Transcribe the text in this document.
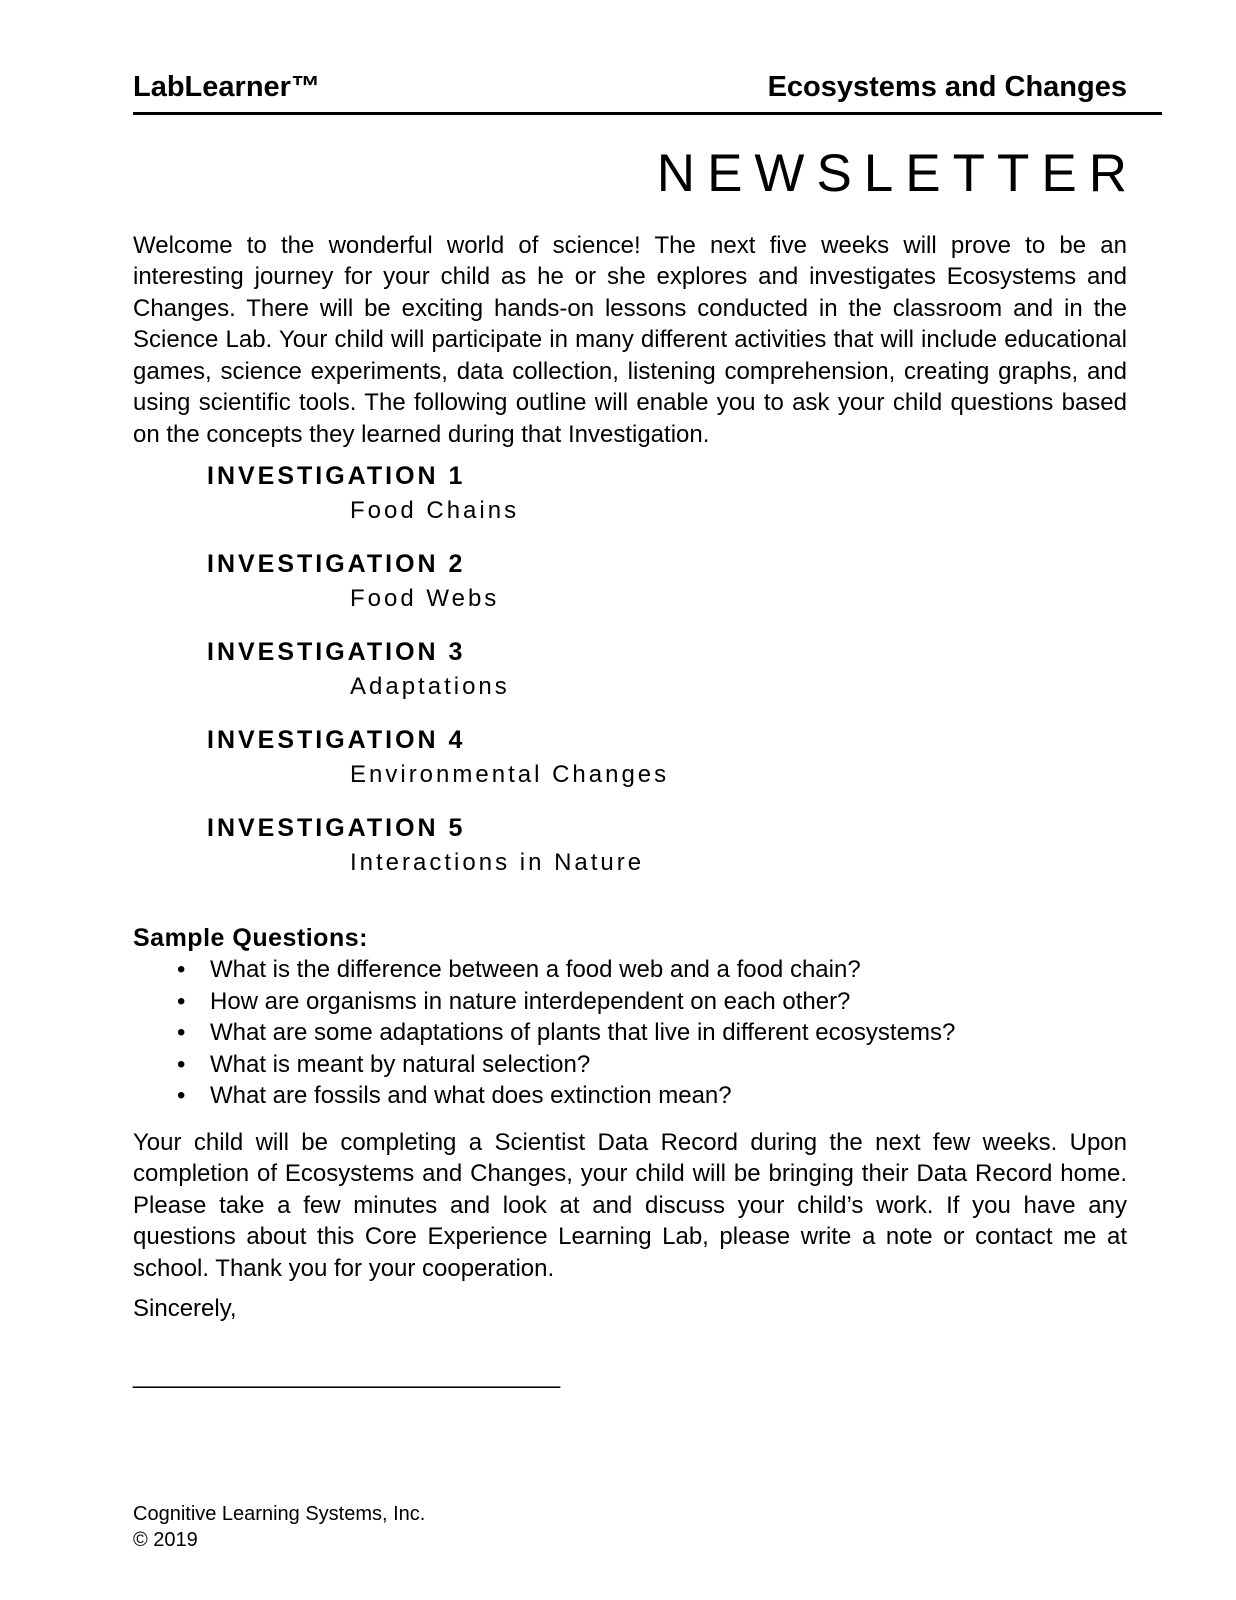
LabLearner™	Ecosystems and Changes
NEWSLETTER

Welcome to the wonderful world of science! The next five weeks will prove to be an interesting journey for your child as he or she explores and investigates Ecosystems and Changes. There will be exciting hands-on lessons conducted in the classroom and in the Science Lab. Your child will participate in many different activities that will include educational games, science experiments, data collection, listening comprehension, creating graphs, and using scientific tools. The following outline will enable you to ask your child questions based on the concepts they learned during that Investigation.

INVESTIGATION 1
Food Chains
INVESTIGATION 2
Food Webs
INVESTIGATION 3
Adaptations
INVESTIGATION 4
Environmental Changes
INVESTIGATION 5
Interactions in Nature
Sample Questions:
•	What is the difference between a food web and a food chain?
•	How are organisms in nature interdependent on each other?
•	What are some adaptations of plants that live in different ecosystems?
•	What is meant by natural selection?
•	What are fossils and what does extinction mean?

Your child will be completing a Scientist Data Record during the next few weeks. Upon completion of Ecosystems and Changes, your child will be bringing their Data Record home. Please take a few minutes and look at and discuss your child’s work. If you have any questions about this Core Experience Learning Lab, please write a note or contact me at school. Thank you for your cooperation.

Sincerely,

________________________________
Cognitive Learning Systems, Inc.
© 2019
